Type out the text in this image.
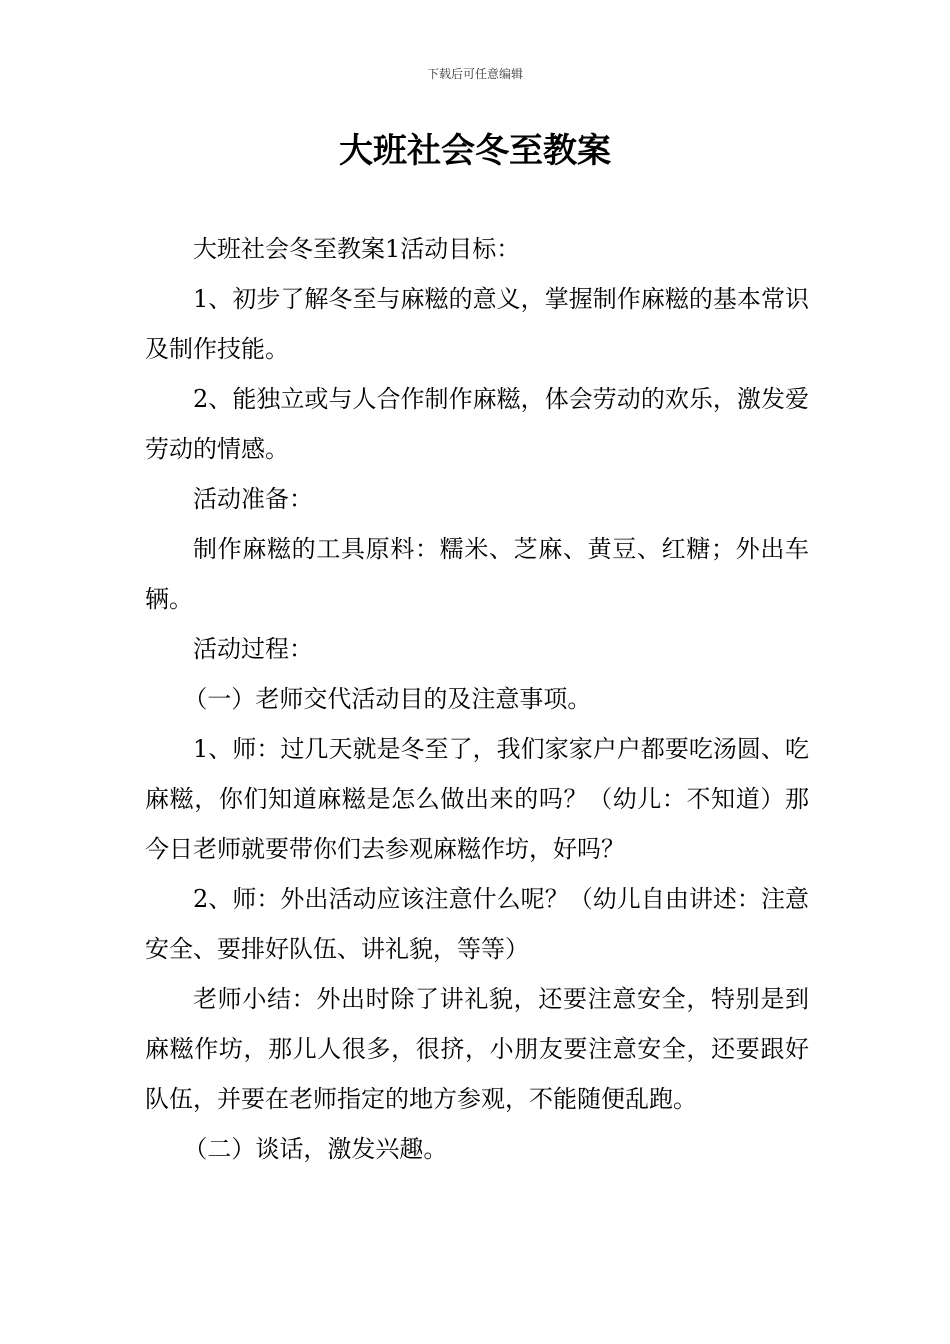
下载后可任意编辑
大班社会冬至教案

大班社会冬至教案1活动目标：

1、初步了解冬至与麻糍的意义，掌握制作麻糍的基本常识及制作技能。

2、能独立或与人合作制作麻糍，体会劳动的欢乐，激发爱劳动的情感。

活动准备：

制作麻糍的工具原料：糯米、芝麻、黄豆、红糖；外出车辆。

活动过程：

（一）老师交代活动目的及注意事项。

1、师：过几天就是冬至了，我们家家户户都要吃汤圆、吃麻糍，你们知道麻糍是怎么做出来的吗？（幼儿：不知道）那今日老师就要带你们去参观麻糍作坊，好吗？

2、师：外出活动应该注意什么呢？（幼儿自由讲述：注意安全、要排好队伍、讲礼貌，等等）

老师小结：外出时除了讲礼貌，还要注意安全，特别是到麻糍作坊，那儿人很多，很挤，小朋友要注意安全，还要跟好队伍，并要在老师指定的地方参观，不能随便乱跑。

（二）谈话，激发兴趣。
